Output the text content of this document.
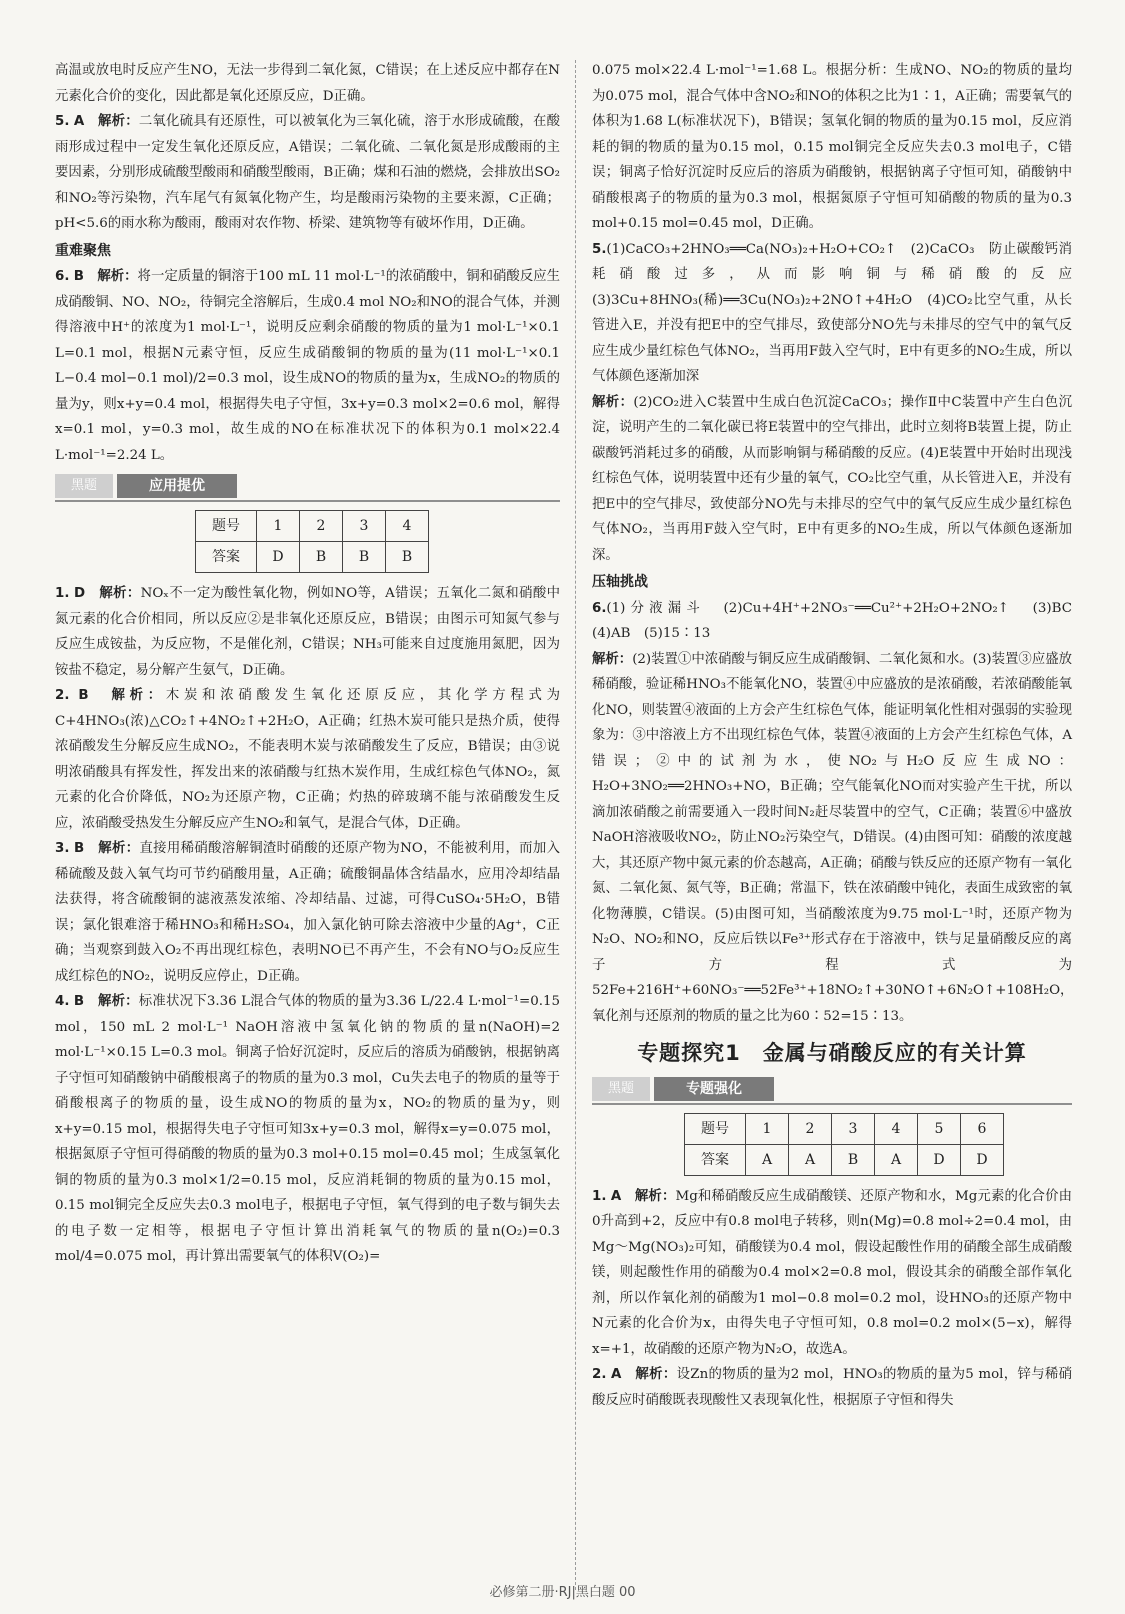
高温或放电时反应产生NO，无法一步得到二氧化氮，C错误；在上述反应中都存在N元素化合价的变化，因此都是氧化还原反应，D正确。

5. A　 解析：二氧化硫具有还原性，可以被氧化为三氧化硫，溶于水形成硫酸，在酸雨形成过程中一定发生氧化还原反应，A错误；二氧化硫、二氧化氮是形成酸雨的主要因素，分别形成硫酸型酸雨和硝酸型酸雨，B正确；煤和石油的燃烧，会排放出SO₂和NO₂等污染物，汽车尾气有氮氧化物产生，均是酸雨污染物的主要来源，C正确；pH<5.6的雨水称为酸雨，酸雨对农作物、桥梁、建筑物等有破坏作用，D正确。

重难聚焦

6. B　 解析：将一定质量的铜溶于100 mL 11 mol·L⁻¹的浓硝酸中，铜和硝酸反应生成硝酸铜、NO、NO₂，待铜完全溶解后，生成0.4 mol NO₂和NO的混合气体，并测得溶液中H⁺的浓度为1 mol·L⁻¹，说明反应剩余硝酸的物质的量为1 mol·L⁻¹×0.1 L=0.1 mol，根据N元素守恒，反应生成硝酸铜的物质的量为(11 mol·L⁻¹×0.1 L−0.4 mol−0.1 mol)/2=0.3 mol，设生成NO的物质的量为x，生成NO₂的物质的量为y，则x+y=0.4 mol，根据得失电子守恒，3x+y=0.3 mol×2=0.6 mol，解得x=0.1 mol，y=0.3 mol，故生成的NO在标准状况下的体积为0.1 mol×22.4 L·mol⁻¹=2.24 L。

黑题	应用提优
题号	1	2	3	4
答案	D	B	B	B

1. D　 解析：NOₓ不一定为酸性氧化物，例如NO等，A错误；五氧化二氮和硝酸中氮元素的化合价相同，所以反应②是非氧化还原反应，B错误；由图示可知氮气参与反应生成铵盐，为反应物，不是催化剂，C错误；NH₃可能来自过度施用氮肥，因为铵盐不稳定，易分解产生氨气，D正确。

2. B　 解析：木炭和浓硝酸发生氧化还原反应，其化学方程式为C+4HNO₃(浓)△CO₂↑+4NO₂↑+2H₂O，A正确；红热木炭可能只是热介质，使得浓硝酸发生分解反应生成NO₂，不能表明木炭与浓硝酸发生了反应，B错误；由③说明浓硝酸具有挥发性，挥发出来的浓硝酸与红热木炭作用，生成红棕色气体NO₂，氮元素的化合价降低，NO₂为还原产物，C正确；灼热的碎玻璃不能与浓硝酸发生反应，浓硝酸受热发生分解反应产生NO₂和氧气，是混合气体，D正确。

3. B　 解析：直接用稀硝酸溶解铜渣时硝酸的还原产物为NO，不能被利用，而加入稀硫酸及鼓入氧气均可节约硝酸用量，A正确；硫酸铜晶体含结晶水，应用冷却结晶法获得，将含硫酸铜的滤液蒸发浓缩、冷却结晶、过滤，可得CuSO₄·5H₂O，B错误；氯化银难溶于稀HNO₃和稀H₂SO₄，加入氯化钠可除去溶液中少量的Ag⁺，C正确；当观察到鼓入O₂不再出现红棕色，表明NO已不再产生，不会有NO与O₂反应生成红棕色的NO₂，说明反应停止，D正确。

4. B　 解析：标准状况下3.36 L混合气体的物质的量为3.36 L/22.4 L·mol⁻¹=0.15 mol，150 mL 2 mol·L⁻¹ NaOH溶液中氢氧化钠的物质的量n(NaOH)=2 mol·L⁻¹×0.15 L=0.3 mol。铜离子恰好沉淀时，反应后的溶质为硝酸钠，根据钠离子守恒可知硝酸钠中硝酸根离子的物质的量为0.3 mol，Cu失去电子的物质的量等于硝酸根离子的物质的量，设生成NO的物质的量为x，NO₂的物质的量为y，则x+y=0.15 mol，根据得失电子守恒可知3x+y=0.3 mol，解得x=y=0.075 mol，根据氮原子守恒可得硝酸的物质的量为0.3 mol+0.15 mol=0.45 mol；生成氢氧化铜的物质的量为0.3 mol×1/2=0.15 mol，反应消耗铜的物质的量为0.15 mol，0.15 mol铜完全反应失去0.3 mol电子，根据电子守恒，氧气得到的电子数与铜失去的电子数一定相等，根据电子守恒计算出消耗氧气的物质的量n(O₂)=0.3 mol/4=0.075 mol，再计算出需要氧气的体积V(O₂)=

0.075 mol×22.4 L·mol⁻¹=1.68 L。根据分析：生成NO、NO₂的物质的量均为0.075 mol，混合气体中含NO₂和NO的体积之比为1∶1，A正确；需要氧气的体积为1.68 L(标准状况下)，B错误；氢氧化铜的物质的量为0.15 mol，反应消耗的铜的物质的量为0.15 mol，0.15 mol铜完全反应失去0.3 mol电子，C错误；铜离子恰好沉淀时反应后的溶质为硝酸钠，根据钠离子守恒可知，硝酸钠中硝酸根离子的物质的量为0.3 mol，根据氮原子守恒可知硝酸的物质的量为0.3 mol+0.15 mol=0.45 mol，D正确。

5.(1)CaCO₃+2HNO₃══Ca(NO₃)₂+H₂O+CO₂↑　(2)CaCO₃　防止碳酸钙消耗硝酸过多，从而影响铜与稀硝酸的反应　(3)3Cu+8HNO₃(稀)══3Cu(NO₃)₂+2NO↑+4H₂O　(4)CO₂比空气重，从长管进入E，并没有把E中的空气排尽，致使部分NO先与未排尽的空气中的氧气反应生成少量红棕色气体NO₂，当再用F鼓入空气时，E中有更多的NO₂生成，所以气体颜色逐渐加深

解析：(2)CO₂进入C装置中生成白色沉淀CaCO₃；操作Ⅱ中C装置中产生白色沉淀，说明产生的二氧化碳已将E装置中的空气排出，此时立刻将B装置上提，防止碳酸钙消耗过多的硝酸，从而影响铜与稀硝酸的反应。(4)E装置中开始时出现浅红棕色气体，说明装置中还有少量的氧气，CO₂比空气重，从长管进入E，并没有把E中的空气排尽，致使部分NO先与未排尽的空气中的氧气反应生成少量红棕色气体NO₂，当再用F鼓入空气时，E中有更多的NO₂生成，所以气体颜色逐渐加深。

压轴挑战

6.(1)分液漏斗　(2)Cu+4H⁺+2NO₃⁻══Cu²⁺+2H₂O+2NO₂↑　(3)BC　(4)AB　(5)15∶13

解析：(2)装置①中浓硝酸与铜反应生成硝酸铜、二氧化氮和水。(3)装置③应盛放稀硝酸，验证稀HNO₃不能氧化NO，装置④中应盛放的是浓硝酸，若浓硝酸能氧化NO，则装置④液面的上方会产生红棕色气体，能证明氧化性相对强弱的实验现象为：③中溶液上方不出现红棕色气体，装置④液面的上方会产生红棕色气体，A错误；②中的试剂为水，使NO₂与H₂O反应生成NO：H₂O+3NO₂══2HNO₃+NO，B正确；空气能氧化NO而对实验产生干扰，所以滴加浓硝酸之前需要通入一段时间N₂赶尽装置中的空气，C正确；装置⑥中盛放NaOH溶液吸收NO₂，防止NO₂污染空气，D错误。(4)由图可知：硝酸的浓度越大，其还原产物中氮元素的价态越高，A正确；硝酸与铁反应的还原产物有一氧化氮、二氧化氮、氮气等，B正确；常温下，铁在浓硝酸中钝化，表面生成致密的氧化物薄膜，C错误。(5)由图可知，当硝酸浓度为9.75 mol·L⁻¹时，还原产物为N₂O、NO₂和NO，反应后铁以Fe³⁺形式存在于溶液中，铁与足量硝酸反应的离子方程式为52Fe+216H⁺+60NO₃⁻══52Fe³⁺+18NO₂↑+30NO↑+6N₂O↑+108H₂O，氧化剂与还原剂的物质的量之比为60∶52=15∶13。

专题探究1　金属与硝酸反应的有关计算
黑题	专题强化
题号	1	2	3	4	5	6
答案	A	A	B	A	D	D

1. A　 解析：Mg和稀硝酸反应生成硝酸镁、还原产物和水，Mg元素的化合价由0升高到+2，反应中有0.8 mol电子转移，则n(Mg)=0.8 mol÷2=0.4 mol，由Mg～Mg(NO₃)₂可知，硝酸镁为0.4 mol，假设起酸性作用的硝酸全部生成硝酸镁，则起酸性作用的硝酸为0.4 mol×2=0.8 mol，假设其余的硝酸全部作氧化剂，所以作氧化剂的硝酸为1 mol−0.8 mol=0.2 mol，设HNO₃的还原产物中N元素的化合价为x，由得失电子守恒可知，0.8 mol=0.2 mol×(5−x)，解得x=+1，故硝酸的还原产物为N₂O，故选A。

2. A　 解析：设Zn的物质的量为2 mol，HNO₃的物质的量为5 mol，锌与稀硝酸反应时硝酸既表现酸性又表现氧化性，根据原子守恒和得失

必修第二册·RJ|黑白题 00
